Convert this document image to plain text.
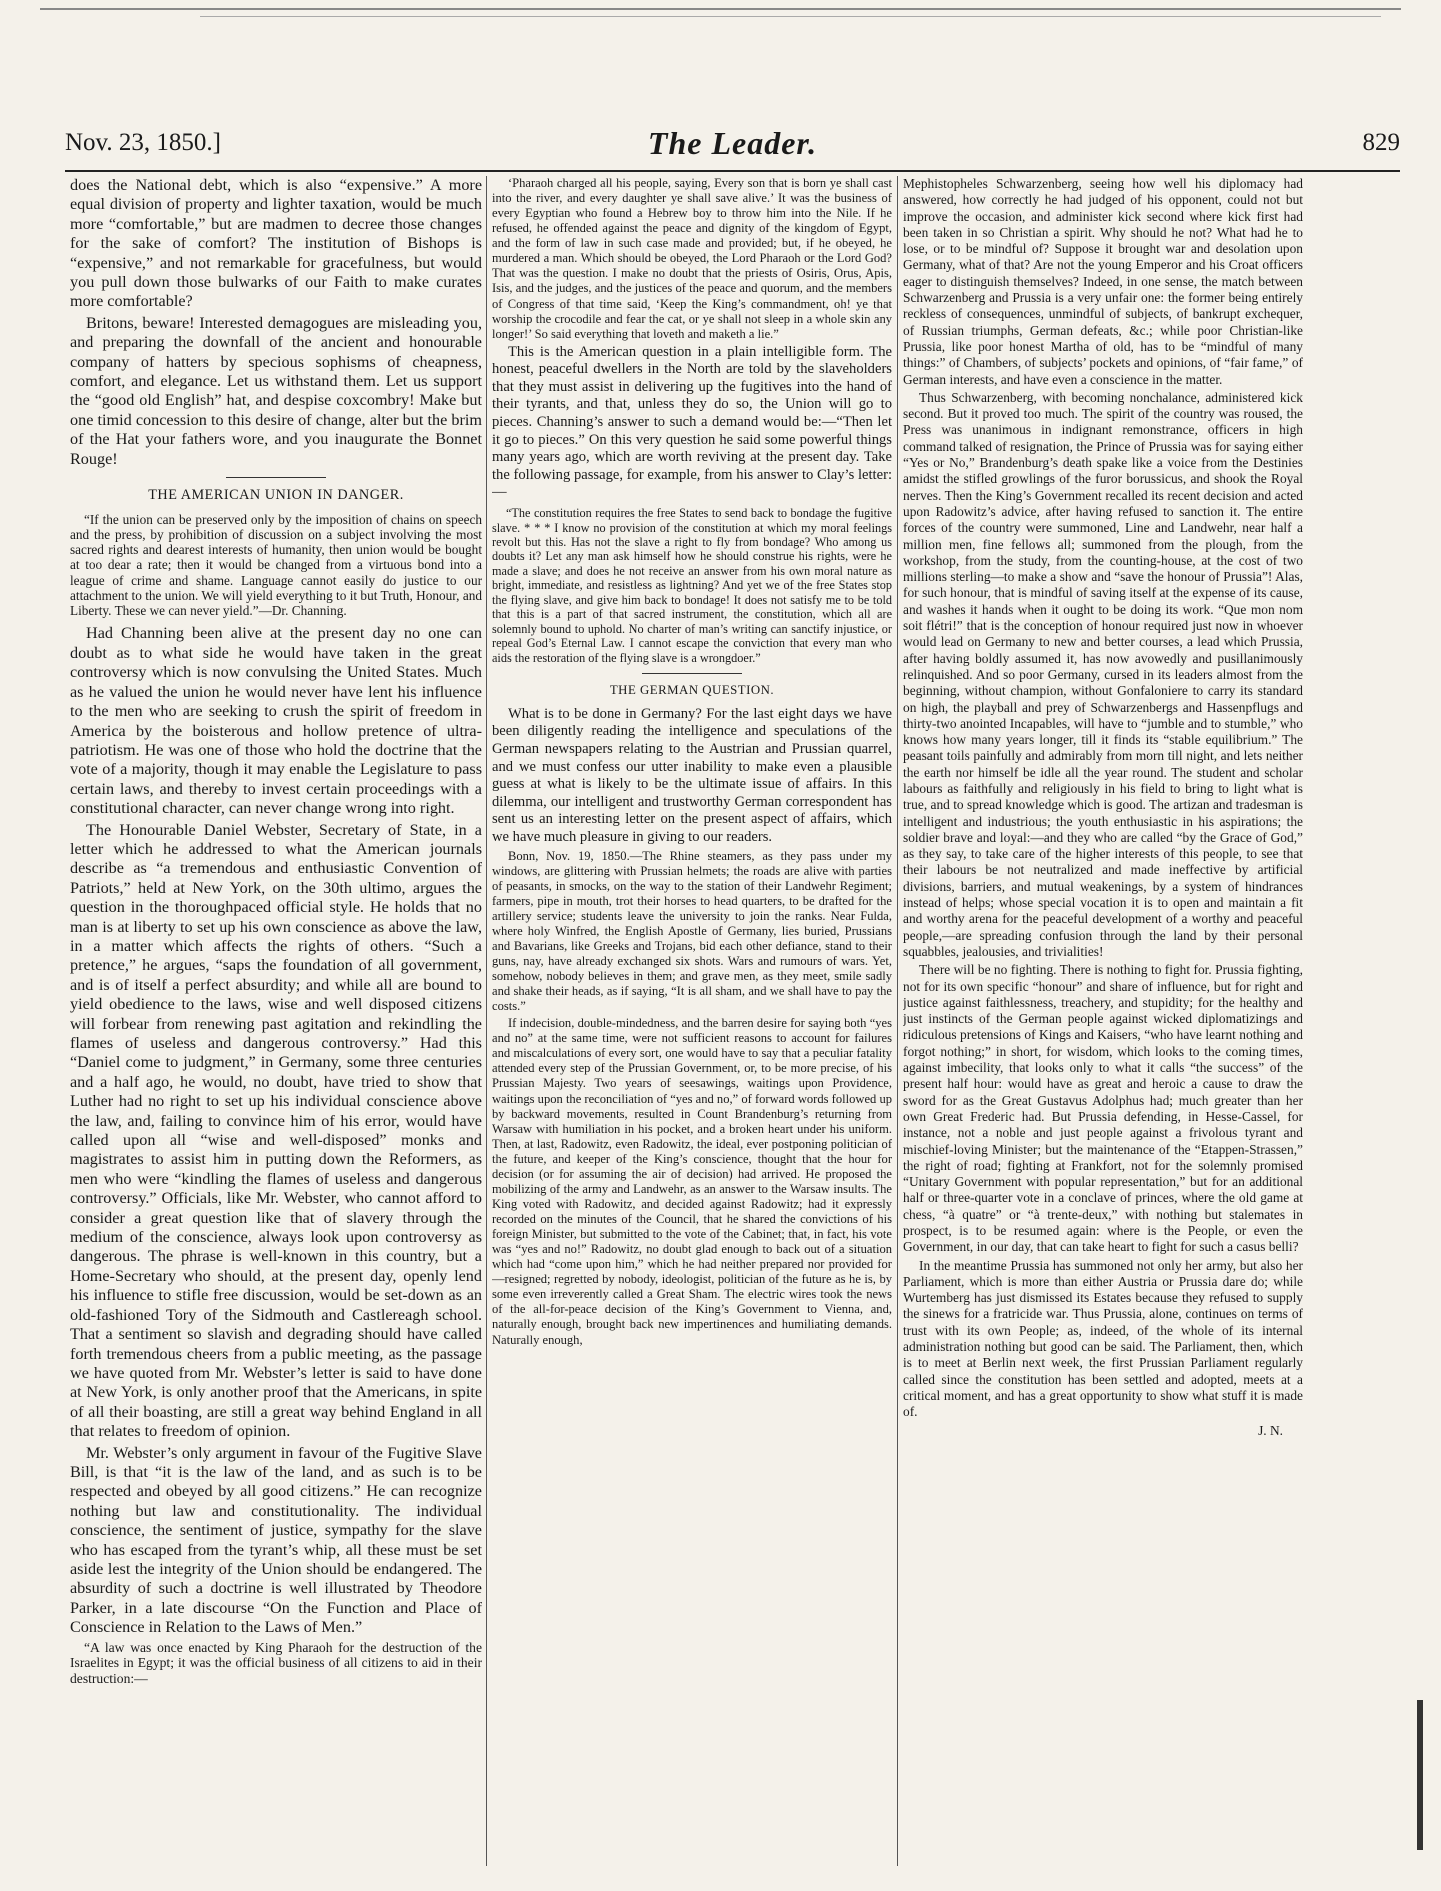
Nov. 23, 1850.]	The Leader.	829

does the National debt, which is also “expensive.” A more equal division of property and lighter taxation, would be much more “comfortable,” but are madmen to decree those changes for the sake of comfort? The institution of Bishops is “expensive,” and not remarkable for gracefulness, but would you pull down those bulwarks of our Faith to make curates more comfortable?

Britons, beware! Interested demagogues are misleading you, and preparing the downfall of the ancient and honourable company of hatters by specious sophisms of cheapness, comfort, and elegance. Let us withstand them. Let us support the “good old English” hat, and despise coxcombry! Make but one timid concession to this desire of change, alter but the brim of the Hat your fathers wore, and you inaugurate the Bonnet Rouge!

THE AMERICAN UNION IN DANGER.
“If the union can be preserved only by the imposition of chains on speech and the press, by prohibition of discussion on a subject involving the most sacred rights and dearest interests of humanity, then union would be bought at too dear a rate; then it would be changed from a virtuous bond into a league of crime and shame. Language cannot easily do justice to our attachment to the union. We will yield everything to it but Truth, Honour, and Liberty. These we can never yield.”—Dr. Channing.

Had Channing been alive at the present day no one can doubt as to what side he would have taken in the great controversy which is now convulsing the United States. Much as he valued the union he would never have lent his influence to the men who are seeking to crush the spirit of freedom in America by the boisterous and hollow pretence of ultra-patriotism. He was one of those who hold the doctrine that the vote of a majority, though it may enable the Legislature to pass certain laws, and thereby to invest certain proceedings with a constitutional character, can never change wrong into right.

The Honourable Daniel Webster, Secretary of State, in a letter which he addressed to what the American journals describe as “a tremendous and enthusiastic Convention of Patriots,” held at New York, on the 30th ultimo, argues the question in the thoroughpaced official style. He holds that no man is at liberty to set up his own conscience as above the law, in a matter which affects the rights of others. “Such a pretence,” he argues, “saps the foundation of all government, and is of itself a perfect absurdity; and while all are bound to yield obedience to the laws, wise and well disposed citizens will forbear from renewing past agitation and rekindling the flames of useless and dangerous controversy.” Had this “Daniel come to judgment,” in Germany, some three centuries and a half ago, he would, no doubt, have tried to show that Luther had no right to set up his individual conscience above the law, and, failing to convince him of his error, would have called upon all “wise and well-disposed” monks and magistrates to assist him in putting down the Reformers, as men who were “kindling the flames of useless and dangerous controversy.” Officials, like Mr. Webster, who cannot afford to consider a great question like that of slavery through the medium of the conscience, always look upon controversy as dangerous. The phrase is well-known in this country, but a Home-Secretary who should, at the present day, openly lend his influence to stifle free discussion, would be set-down as an old-fashioned Tory of the Sidmouth and Castlereagh school. That a sentiment so slavish and degrading should have called forth tremendous cheers from a public meeting, as the passage we have quoted from Mr. Webster’s letter is said to have done at New York, is only another proof that the Americans, in spite of all their boasting, are still a great way behind England in all that relates to freedom of opinion.

Mr. Webster’s only argument in favour of the Fugitive Slave Bill, is that “it is the law of the land, and as such is to be respected and obeyed by all good citizens.” He can recognize nothing but law and constitutionality. The individual conscience, the sentiment of justice, sympathy for the slave who has escaped from the tyrant’s whip, all these must be set aside lest the integrity of the Union should be endangered. The absurdity of such a doctrine is well illustrated by Theodore Parker, in a late discourse “On the Function and Place of Conscience in Relation to the Laws of Men.”

“A law was once enacted by King Pharaoh for the destruction of the Israelites in Egypt; it was the official business of all citizens to aid in their destruction:—

‘Pharaoh charged all his people, saying, Every son that is born ye shall cast into the river, and every daughter ye shall save alive.’ It was the business of every Egyptian who found a Hebrew boy to throw him into the Nile. If he refused, he offended against the peace and dignity of the kingdom of Egypt, and the form of law in such case made and provided; but, if he obeyed, he murdered a man. Which should be obeyed, the Lord Pharaoh or the Lord God? That was the question. I make no doubt that the priests of Osiris, Orus, Apis, Isis, and the judges, and the justices of the peace and quorum, and the members of Congress of that time said, ‘Keep the King’s commandment, oh! ye that worship the crocodile and fear the cat, or ye shall not sleep in a whole skin any longer!’ So said everything that loveth and maketh a lie.”

This is the American question in a plain intelligible form. The honest, peaceful dwellers in the North are told by the slaveholders that they must assist in delivering up the fugitives into the hand of their tyrants, and that, unless they do so, the Union will go to pieces. Channing’s answer to such a demand would be:—“Then let it go to pieces.” On this very question he said some powerful things many years ago, which are worth reviving at the present day. Take the following passage, for example, from his answer to Clay’s letter:—

“The constitution requires the free States to send back to bondage the fugitive slave. * * * I know no provision of the constitution at which my moral feelings revolt but this. Has not the slave a right to fly from bondage? Who among us doubts it? Let any man ask himself how he should construe his rights, were he made a slave; and does he not receive an answer from his own moral nature as bright, immediate, and resistless as lightning? And yet we of the free States stop the flying slave, and give him back to bondage! It does not satisfy me to be told that this is a part of that sacred instrument, the constitution, which all are solemnly bound to uphold. No charter of man’s writing can sanctify injustice, or repeal God’s Eternal Law. I cannot escape the conviction that every man who aids the restoration of the flying slave is a wrongdoer.”
THE GERMAN QUESTION.

What is to be done in Germany? For the last eight days we have been diligently reading the intelligence and speculations of the German newspapers relating to the Austrian and Prussian quarrel, and we must confess our utter inability to make even a plausible guess at what is likely to be the ultimate issue of affairs. In this dilemma, our intelligent and trustworthy German correspondent has sent us an interesting letter on the present aspect of affairs, which we have much pleasure in giving to our readers.

Bonn, Nov. 19, 1850.—The Rhine steamers, as they pass under my windows, are glittering with Prussian helmets; the roads are alive with parties of peasants, in smocks, on the way to the station of their Landwehr Regiment; farmers, pipe in mouth, trot their horses to head quarters, to be drafted for the artillery service; students leave the university to join the ranks. Near Fulda, where holy Winfred, the English Apostle of Germany, lies buried, Prussians and Bavarians, like Greeks and Trojans, bid each other defiance, stand to their guns, nay, have already exchanged six shots. Wars and rumours of wars. Yet, somehow, nobody believes in them; and grave men, as they meet, smile sadly and shake their heads, as if saying, “It is all sham, and we shall have to pay the costs.”

If indecision, double-mindedness, and the barren desire for saying both “yes and no” at the same time, were not sufficient reasons to account for failures and miscalculations of every sort, one would have to say that a peculiar fatality attended every step of the Prussian Government, or, to be more precise, of his Prussian Majesty. Two years of seesawings, waitings upon Providence, waitings upon the reconciliation of “yes and no,” of forward words followed up by backward movements, resulted in Count Brandenburg’s returning from Warsaw with humiliation in his pocket, and a broken heart under his uniform. Then, at last, Radowitz, even Radowitz, the ideal, ever postponing politician of the future, and keeper of the King’s conscience, thought that the hour for decision (or for assuming the air of decision) had arrived. He proposed the mobilizing of the army and Landwehr, as an answer to the Warsaw insults. The King voted with Radowitz, and decided against Radowitz; had it expressly recorded on the minutes of the Council, that he shared the convictions of his foreign Minister, but submitted to the vote of the Cabinet; that, in fact, his vote was “yes and no!” Radowitz, no doubt glad enough to back out of a situation which had “come upon him,” which he had neither prepared nor provided for—resigned; regretted by nobody, ideologist, politician of the future as he is, by some even irreverently called a Great Sham. The electric wires took the news of the all-for-peace decision of the King’s Government to Vienna, and, naturally enough, brought back new impertinences and humiliating demands. Naturally enough,

Mephistopheles Schwarzenberg, seeing how well his diplomacy had answered, how correctly he had judged of his opponent, could not but improve the occasion, and administer kick second where kick first had been taken in so Christian a spirit. Why should he not? What had he to lose, or to be mindful of? Suppose it brought war and desolation upon Germany, what of that? Are not the young Emperor and his Croat officers eager to distinguish themselves? Indeed, in one sense, the match between Schwarzenberg and Prussia is a very unfair one: the former being entirely reckless of consequences, unmindful of subjects, of bankrupt exchequer, of Russian triumphs, German defeats, &c.; while poor Christian-like Prussia, like poor honest Martha of old, has to be “mindful of many things:” of Chambers, of subjects’ pockets and opinions, of “fair fame,” of German interests, and have even a conscience in the matter.

Thus Schwarzenberg, with becoming nonchalance, administered kick second. But it proved too much. The spirit of the country was roused, the Press was unanimous in indignant remonstrance, officers in high command talked of resignation, the Prince of Prussia was for saying either “Yes or No,” Brandenburg’s death spake like a voice from the Destinies amidst the stifled growlings of the furor borussicus, and shook the Royal nerves. Then the King’s Government recalled its recent decision and acted upon Radowitz’s advice, after having refused to sanction it. The entire forces of the country were summoned, Line and Landwehr, near half a million men, fine fellows all; summoned from the plough, from the workshop, from the study, from the counting-house, at the cost of two millions sterling—to make a show and “save the honour of Prussia”! Alas, for such honour, that is mindful of saving itself at the expense of its cause, and washes it hands when it ought to be doing its work. “Que mon nom soit flétri!” that is the conception of honour required just now in whoever would lead on Germany to new and better courses, a lead which Prussia, after having boldly assumed it, has now avowedly and pusillanimously relinquished. And so poor Germany, cursed in its leaders almost from the beginning, without champion, without Gonfaloniere to carry its standard on high, the playball and prey of Schwarzenbergs and Hassenpflugs and thirty-two anointed Incapables, will have to “jumble and to stumble,” who knows how many years longer, till it finds its “stable equilibrium.” The peasant toils painfully and admirably from morn till night, and lets neither the earth nor himself be idle all the year round. The student and scholar labours as faithfully and religiously in his field to bring to light what is true, and to spread knowledge which is good. The artizan and tradesman is intelligent and industrious; the youth enthusiastic in his aspirations; the soldier brave and loyal:—and they who are called “by the Grace of God,” as they say, to take care of the higher interests of this people, to see that their labours be not neutralized and made ineffective by artificial divisions, barriers, and mutual weakenings, by a system of hindrances instead of helps; whose special vocation it is to open and maintain a fit and worthy arena for the peaceful development of a worthy and peaceful people,—are spreading confusion through the land by their personal squabbles, jealousies, and trivialities!

There will be no fighting. There is nothing to fight for. Prussia fighting, not for its own specific “honour” and share of influence, but for right and justice against faithlessness, treachery, and stupidity; for the healthy and just instincts of the German people against wicked diplomatizings and ridiculous pretensions of Kings and Kaisers, “who have learnt nothing and forgot nothing;” in short, for wisdom, which looks to the coming times, against imbecility, that looks only to what it calls “the success” of the present half hour: would have as great and heroic a cause to draw the sword for as the Great Gustavus Adolphus had; much greater than her own Great Frederic had. But Prussia defending, in Hesse-Cassel, for instance, not a noble and just people against a frivolous tyrant and mischief-loving Minister; but the maintenance of the “Etappen-Strassen,” the right of road; fighting at Frankfort, not for the solemnly promised “Unitary Government with popular representation,” but for an additional half or three-quarter vote in a conclave of princes, where the old game at chess, “à quatre” or “à trente-deux,” with nothing but stalemates in prospect, is to be resumed again: where is the People, or even the Government, in our day, that can take heart to fight for such a casus belli?

In the meantime Prussia has summoned not only her army, but also her Parliament, which is more than either Austria or Prussia dare do; while Wurtemberg has just dismissed its Estates because they refused to supply the sinews for a fratricide war. Thus Prussia, alone, continues on terms of trust with its own People; as, indeed, of the whole of its internal administration nothing but good can be said. The Parliament, then, which is to meet at Berlin next week, the first Prussian Parliament regularly called since the constitution has been settled and adopted, meets at a critical moment, and has a great opportunity to show what stuff it is made of.

J. N.
